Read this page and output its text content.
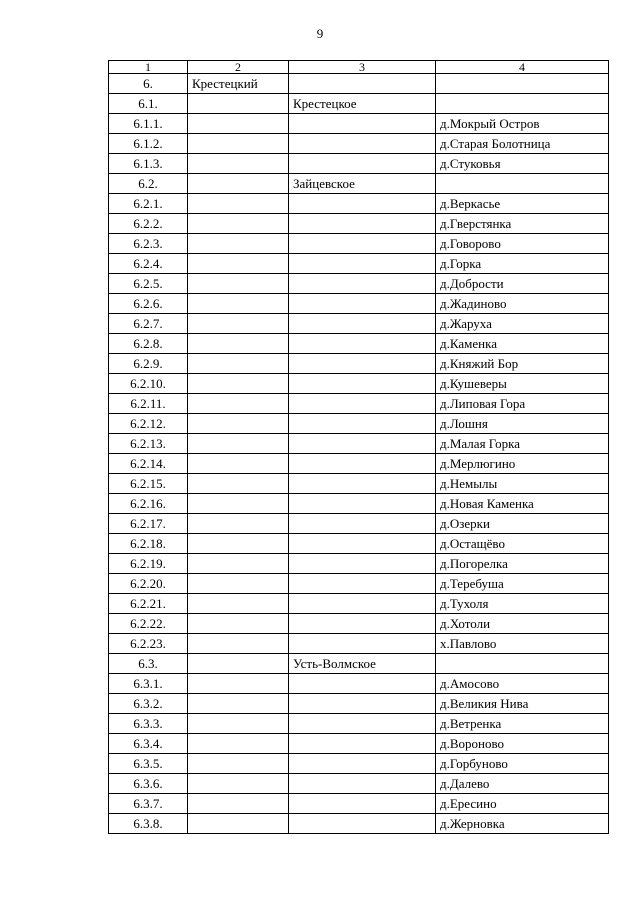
9
1	2	3	4
6.	Крестецкий		
6.1.		Крестецкое	
6.1.1.			д.Мокрый Остров
6.1.2.			д.Старая Болотница
6.1.3.			д.Стуковья
6.2.		Зайцевское	
6.2.1.			д.Веркасье
6.2.2.			д.Гверстянка
6.2.3.			д.Говорово
6.2.4.			д.Горка
6.2.5.			д.Добрости
6.2.6.			д.Жадиново
6.2.7.			д.Жаруха
6.2.8.			д.Каменка
6.2.9.			д.Княжий Бор
6.2.10.			д.Кушеверы
6.2.11.			д.Липовая Гора
6.2.12.			д.Лошня
6.2.13.			д.Малая Горка
6.2.14.			д.Мерлюгино
6.2.15.			д.Немылы
6.2.16.			д.Новая Каменка
6.2.17.			д.Озерки
6.2.18.			д.Остащёво
6.2.19.			д.Погорелка
6.2.20.			д.Теребуша
6.2.21.			д.Тухоля
6.2.22.			д.Хотоли
6.2.23.			х.Павлово
6.3.		Усть-Волмское	
6.3.1.			д.Амосово
6.3.2.			д.Великия Нива
6.3.3.			д.Ветренка
6.3.4.			д.Вороново
6.3.5.			д.Горбуново
6.3.6.			д.Далево
6.3.7.			д.Ересино
6.3.8.			д.Жерновка
